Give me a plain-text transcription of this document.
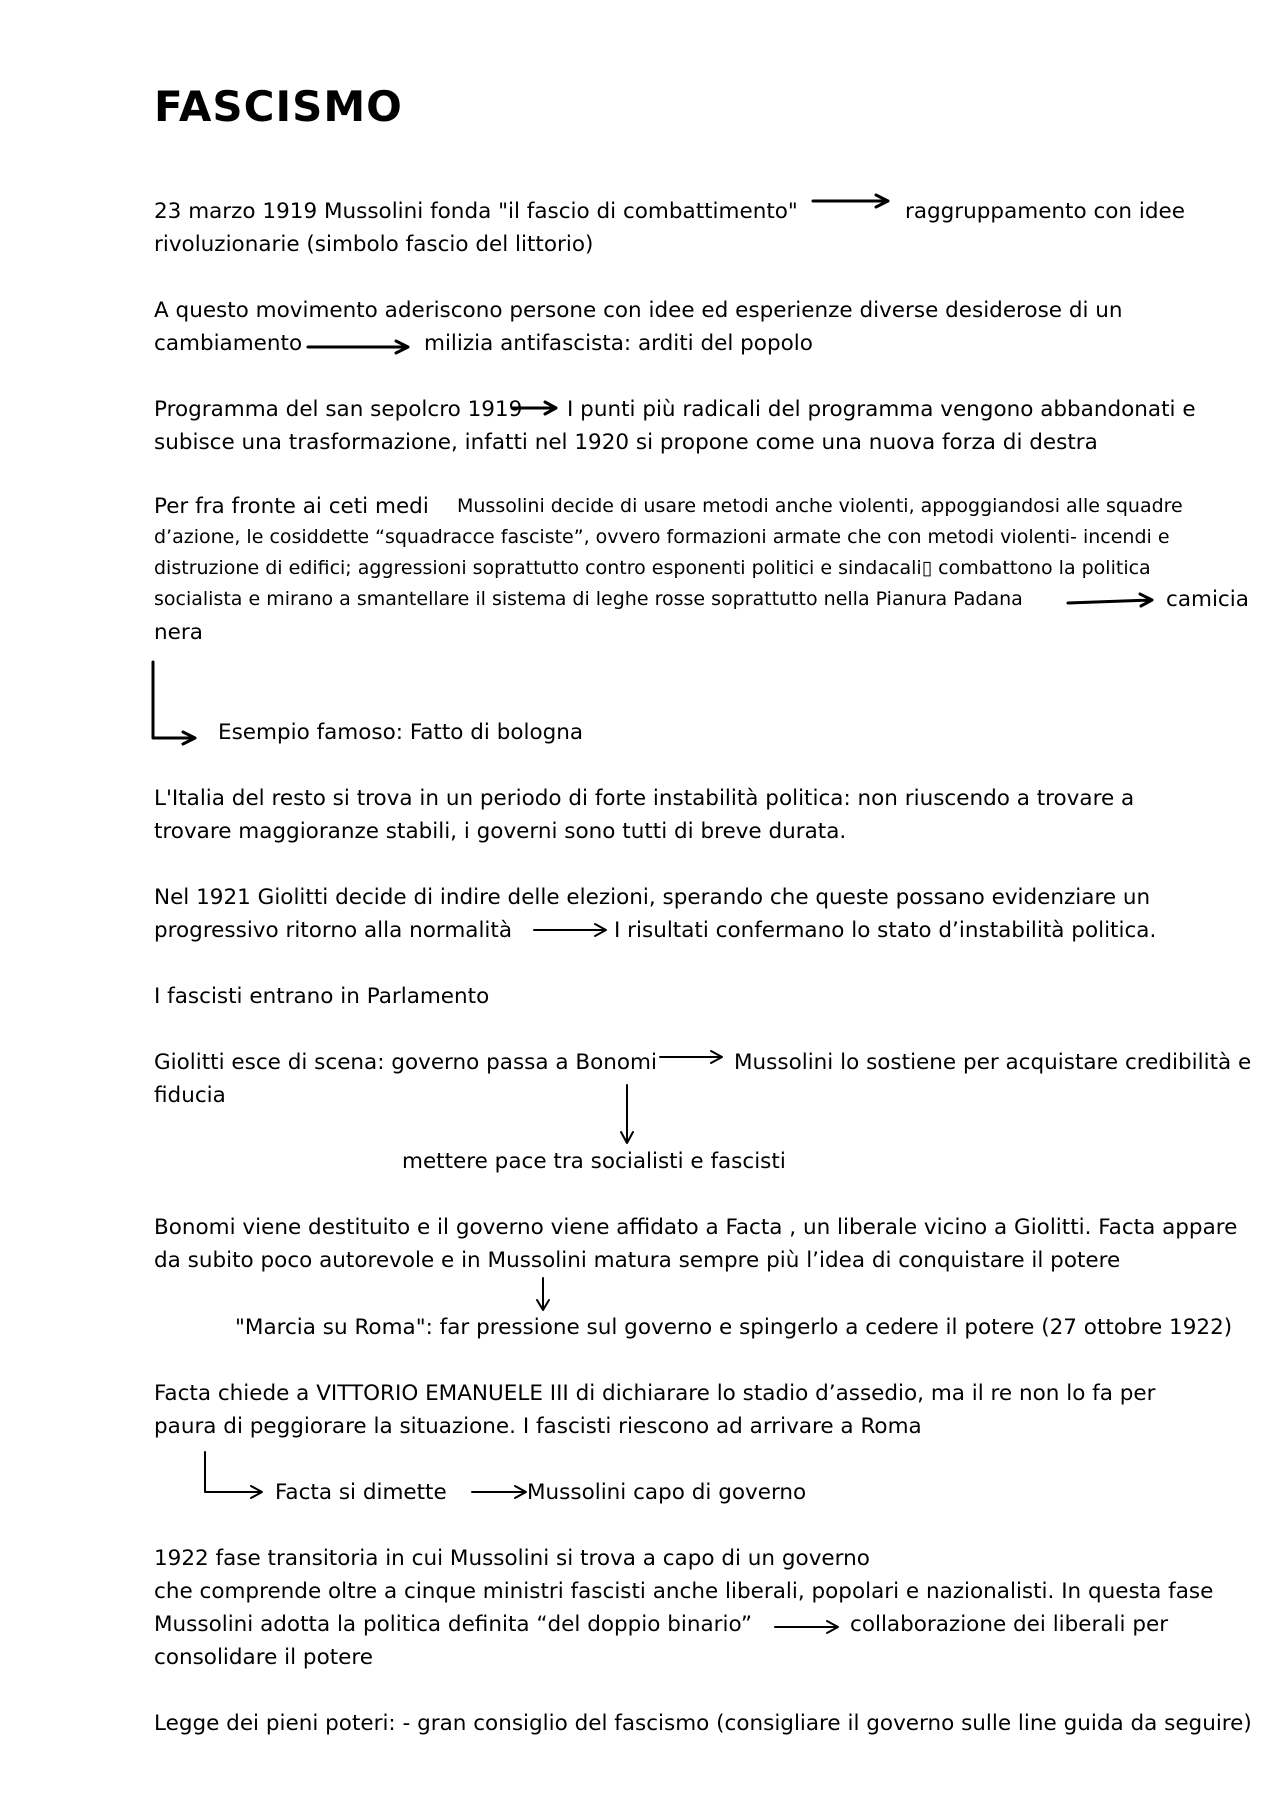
FASCISMO
23 marzo 1919 Mussolini fonda "il fascio di combattimento"	raggruppamento con idee
rivoluzionarie (simbolo fascio del littorio)
A questo movimento aderiscono persone con idee ed esperienze diverse desiderose di un
cambiamento	milizia antifascista: arditi del popolo
Programma del san sepolcro 1919 I punti più radicali del programma vengono abbandonati e
subisce una trasformazione, infatti nel 1920 si propone come una nuova forza di destra
Per fra fronte ai ceti medi Mussolini decide di usare metodi anche violenti, appoggiandosi alle squadre
d’azione, le cosiddette “squadracce fasciste”, ovvero formazioni armate che con metodi violenti- incendi e
distruzione di edifici; aggressioni soprattutto contro esponenti politici e sindacali▯ combattono la politica
socialista e mirano a smantellare il sistema di leghe rosse soprattutto nella Pianura Padana	camicia
nera
Esempio famoso: Fatto di bologna
L'Italia del resto si trova in un periodo di forte instabilità politica: non riuscendo a trovare a
trovare maggioranze stabili, i governi sono tutti di breve durata.
Nel 1921 Giolitti decide di indire delle elezioni, sperando che queste possano evidenziare un
progressivo ritorno alla normalità	I risultati confermano lo stato d’instabilità politica.
I fascisti entrano in Parlamento
Giolitti esce di scena: governo passa a Bonomi	Mussolini lo sostiene per acquistare credibilità e
fiducia
mettere pace tra socialisti e fascisti
Bonomi viene destituito e il governo viene affidato a Facta , un liberale vicino a Giolitti. Facta appare
da subito poco autorevole e in Mussolini matura sempre più l’idea di conquistare il potere
"Marcia su Roma": far pressione sul governo e spingerlo a cedere il potere (27 ottobre 1922)
Facta chiede a VITTORIO EMANUELE III di dichiarare lo stadio d’assedio, ma il re non lo fa per
paura di peggiorare la situazione. I fascisti riescono ad arrivare a Roma
Facta si dimette	Mussolini capo di governo
1922 fase transitoria in cui Mussolini si trova a capo di un governo
che comprende oltre a cinque ministri fascisti anche liberali, popolari e nazionalisti. In questa fase
Mussolini adotta la politica definita “del doppio binario”	collaborazione dei liberali per
consolidare il potere
Legge dei pieni poteri: - gran consiglio del fascismo (consigliare il governo sulle line guida da seguire)
